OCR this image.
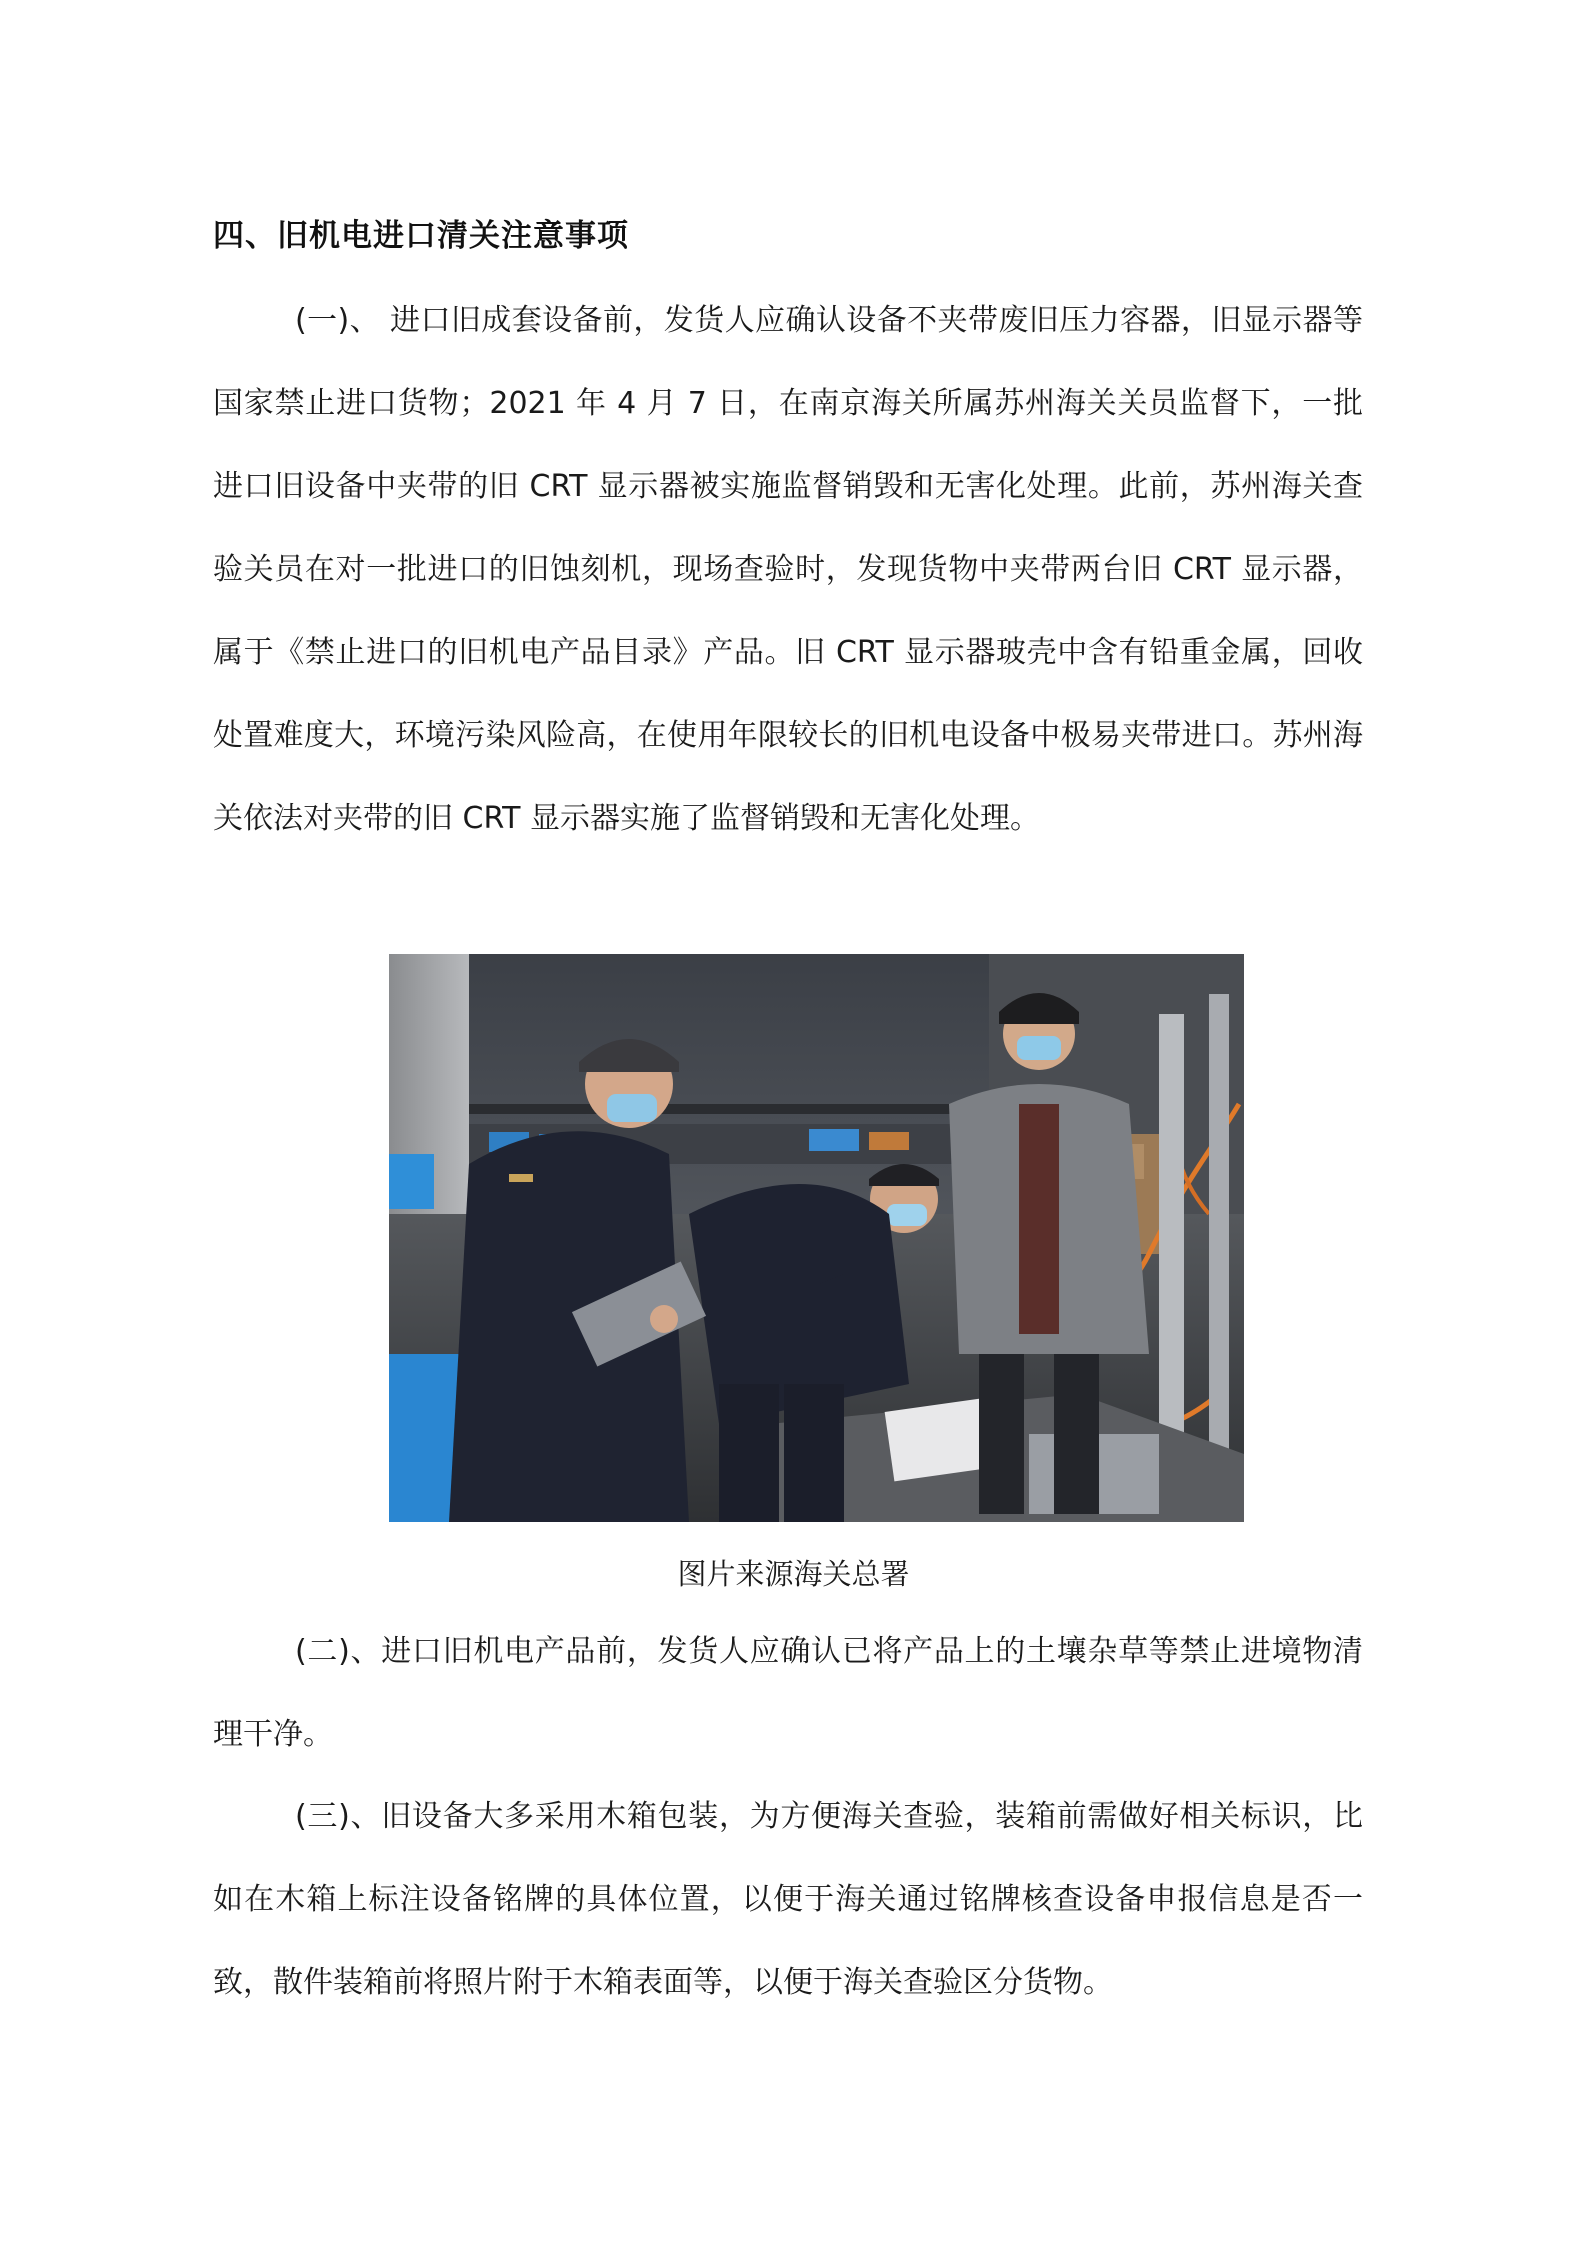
四、旧机电进口清关注意事项
(一)、 进口旧成套设备前，发货人应确认设备不夹带废旧压力容器，旧显示器等国家禁止进口货物；2021 年 4 月 7 日，在南京海关所属苏州海关关员监督下，一批进口旧设备中夹带的旧 CRT 显示器被实施监督销毁和无害化处理。此前，苏州海关查验关员在对一批进口的旧蚀刻机，现场查验时，发现货物中夹带两台旧 CRT 显示器，属于《禁止进口的旧机电产品目录》产品。旧 CRT 显示器玻壳中含有铅重金属，回收处置难度大，环境污染风险高，在使用年限较长的旧机电设备中极易夹带进口。苏州海关依法对夹带的旧 CRT 显示器实施了监督销毁和无害化处理。
图片来源海关总署
(二)、进口旧机电产品前，发货人应确认已将产品上的土壤杂草等禁止进境物清理干净。
(三)、旧设备大多采用木箱包装，为方便海关查验，装箱前需做好相关标识，比如在木箱上标注设备铭牌的具体位置，以便于海关通过铭牌核查设备申报信息是否一致，散件装箱前将照片附于木箱表面等，以便于海关查验区分货物。
